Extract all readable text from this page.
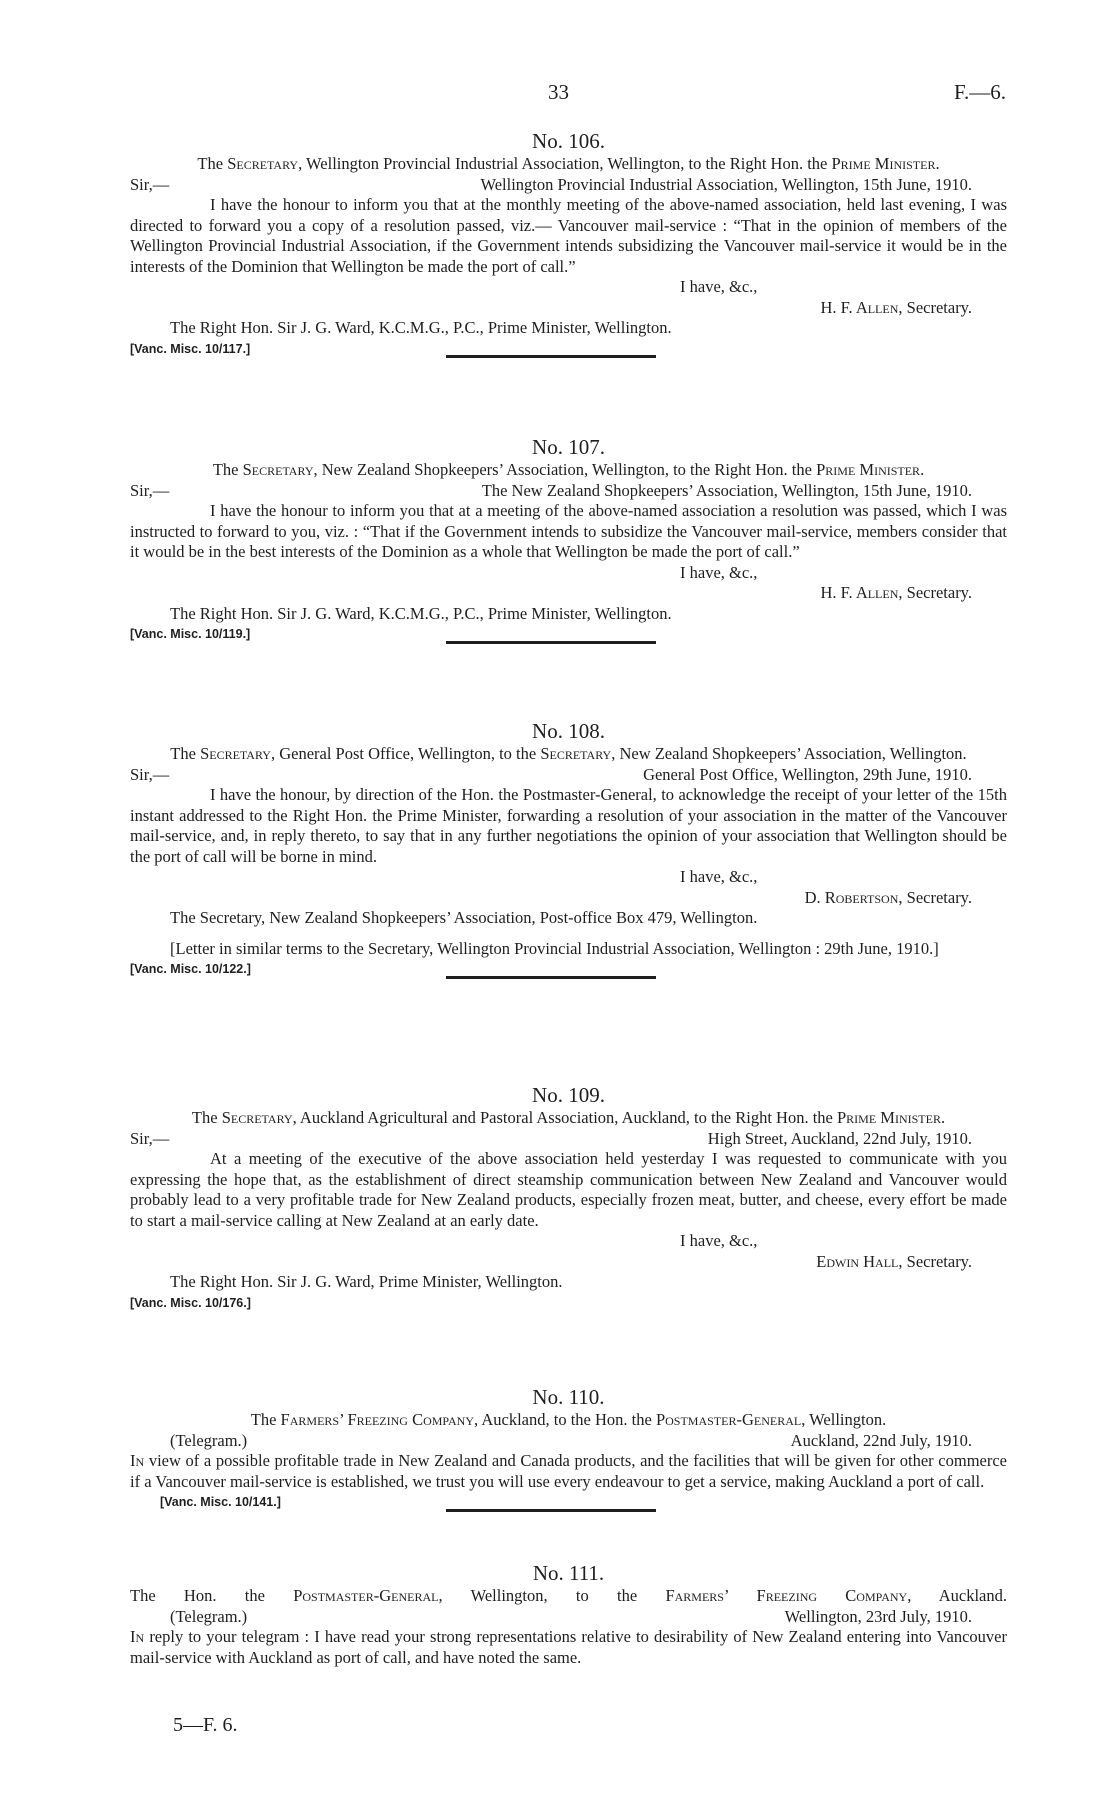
33	F.—6.
No. 106.

The Secretary, Wellington Provincial Industrial Association, Wellington, to the Right Hon. the Prime Minister.

Sir,—	Wellington Provincial Industrial Association, Wellington, 15th June, 1910.

I have the honour to inform you that at the monthly meeting of the above-named association, held last evening, I was directed to forward you a copy of a resolution passed, viz.— Vancouver mail-service : “That in the opinion of members of the Wellington Provincial Industrial Association, if the Government intends subsidizing the Vancouver mail-service it would be in the interests of the Dominion that Wellington be made the port of call.”

I have, &c.,
H. F. Allen, Secretary.
The Right Hon. Sir J. G. Ward, K.C.M.G., P.C., Prime Minister, Wellington.
[Vanc. Misc. 10/117.]
No. 107.

The Secretary, New Zealand Shopkeepers’ Association, Wellington, to the Right Hon. the Prime Minister.

Sir,—	The New Zealand Shopkeepers’ Association, Wellington, 15th June, 1910.

I have the honour to inform you that at a meeting of the above-named association a resolution was passed, which I was instructed to forward to you, viz. : “That if the Government intends to subsidize the Vancouver mail-service, members consider that it would be in the best interests of the Dominion as a whole that Wellington be made the port of call.”

I have, &c.,
H. F. Allen, Secretary.
The Right Hon. Sir J. G. Ward, K.C.M.G., P.C., Prime Minister, Wellington.
[Vanc. Misc. 10/119.]
No. 108.

The Secretary, General Post Office, Wellington, to the Secretary, New Zealand Shopkeepers’ Association, Wellington.

Sir,—	General Post Office, Wellington, 29th June, 1910.

I have the honour, by direction of the Hon. the Postmaster-General, to acknowledge the receipt of your letter of the 15th instant addressed to the Right Hon. the Prime Minister, forwarding a resolution of your association in the matter of the Vancouver mail-service, and, in reply thereto, to say that in any further negotiations the opinion of your association that Wellington should be the port of call will be borne in mind.

I have, &c.,
D. Robertson, Secretary.
The Secretary, New Zealand Shopkeepers’ Association, Post-office Box 479, Wellington.

[Letter in similar terms to the Secretary, Wellington Provincial Industrial Association, Wellington : 29th June, 1910.]

[Vanc. Misc. 10/122.]
No. 109.

The Secretary, Auckland Agricultural and Pastoral Association, Auckland, to the Right Hon. the Prime Minister.

Sir,—	High Street, Auckland, 22nd July, 1910.

At a meeting of the executive of the above association held yesterday I was requested to communicate with you expressing the hope that, as the establishment of direct steamship communication between New Zealand and Vancouver would probably lead to a very profitable trade for New Zealand products, especially frozen meat, butter, and cheese, every effort be made to start a mail-service calling at New Zealand at an early date.

I have, &c.,
Edwin Hall, Secretary.
The Right Hon. Sir J. G. Ward, Prime Minister, Wellington.
[Vanc. Misc. 10/176.]
No. 110.

The Farmers’ Freezing Company, Auckland, to the Hon. the Postmaster-General, Wellington.

(Telegram.)	Auckland, 22nd July, 1910.

In view of a possible profitable trade in New Zealand and Canada products, and the facilities that will be given for other commerce if a Vancouver mail-service is established, we trust you will use every endeavour to get a service, making Auckland a port of call.

[Vanc. Misc. 10/141.]
No. 111.

The Hon. the Postmaster-General, Wellington, to the Farmers’ Freezing Company, Auckland.

(Telegram.)	Wellington, 23rd July, 1910.

In reply to your telegram : I have read your strong representations relative to desirability of New Zealand entering into Vancouver mail-service with Auckland as port of call, and have noted the same.

5—F. 6.
